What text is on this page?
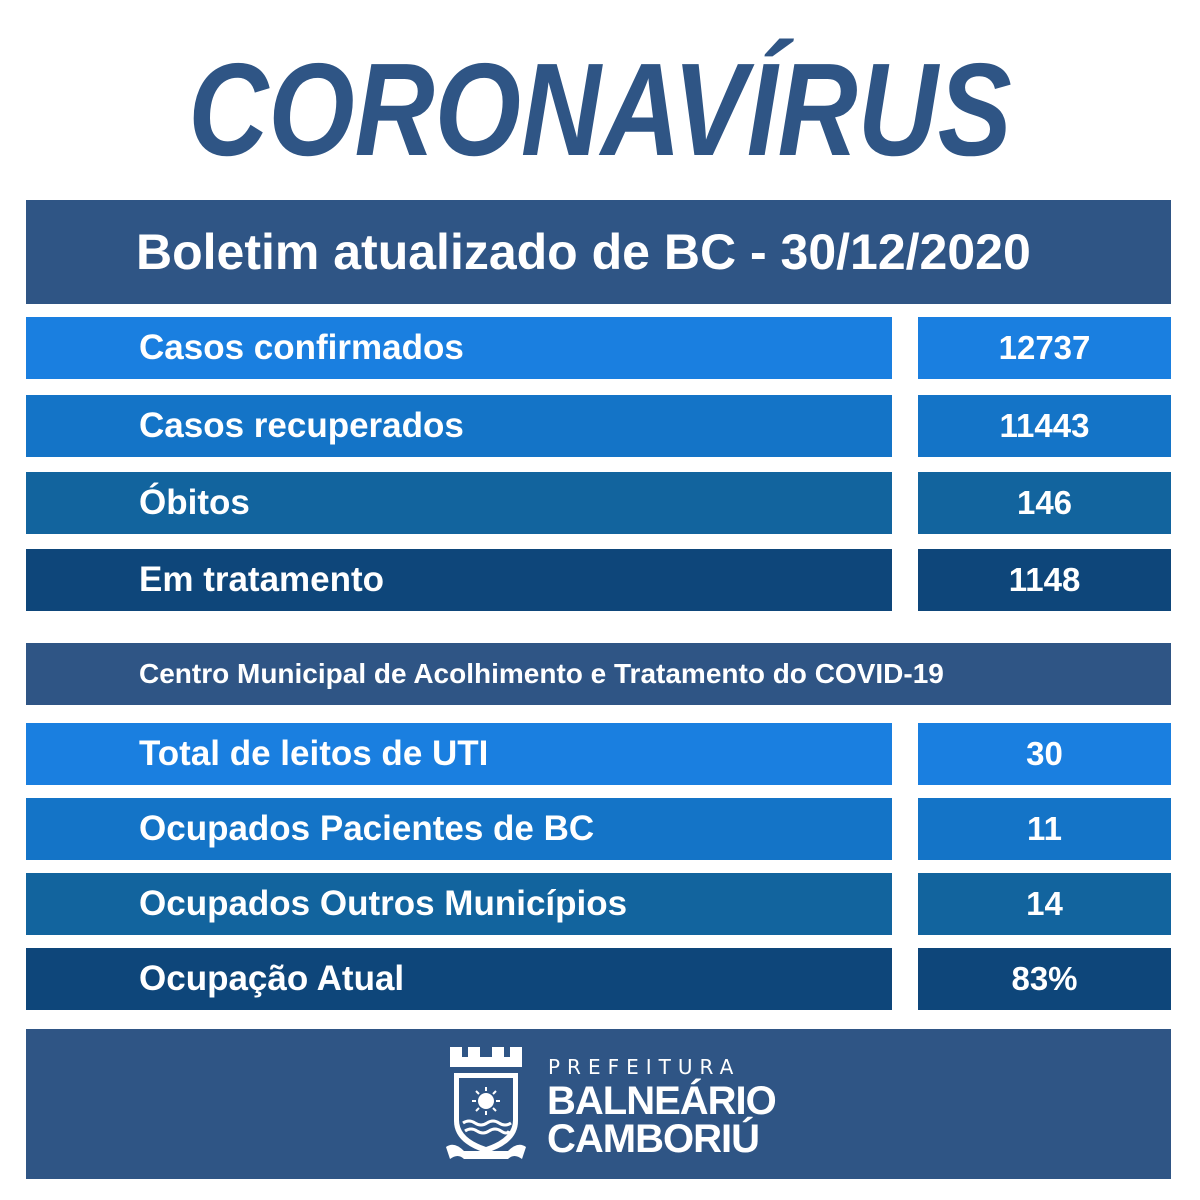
CORONAVÍRUS
Boletim atualizado de BC - 30/12/2020
Casos confirmados	12737
Casos recuperados	11443
Óbitos	146
Em tratamento	1148
Centro Municipal de Acolhimento e Tratamento do COVID-19
Total de leitos de UTI	30
Ocupados Pacientes de BC	11
Ocupados Outros Municípios	14
Ocupação Atual	83%
PREFEITURA
BALNEÁRIO
CAMBORIÚ
